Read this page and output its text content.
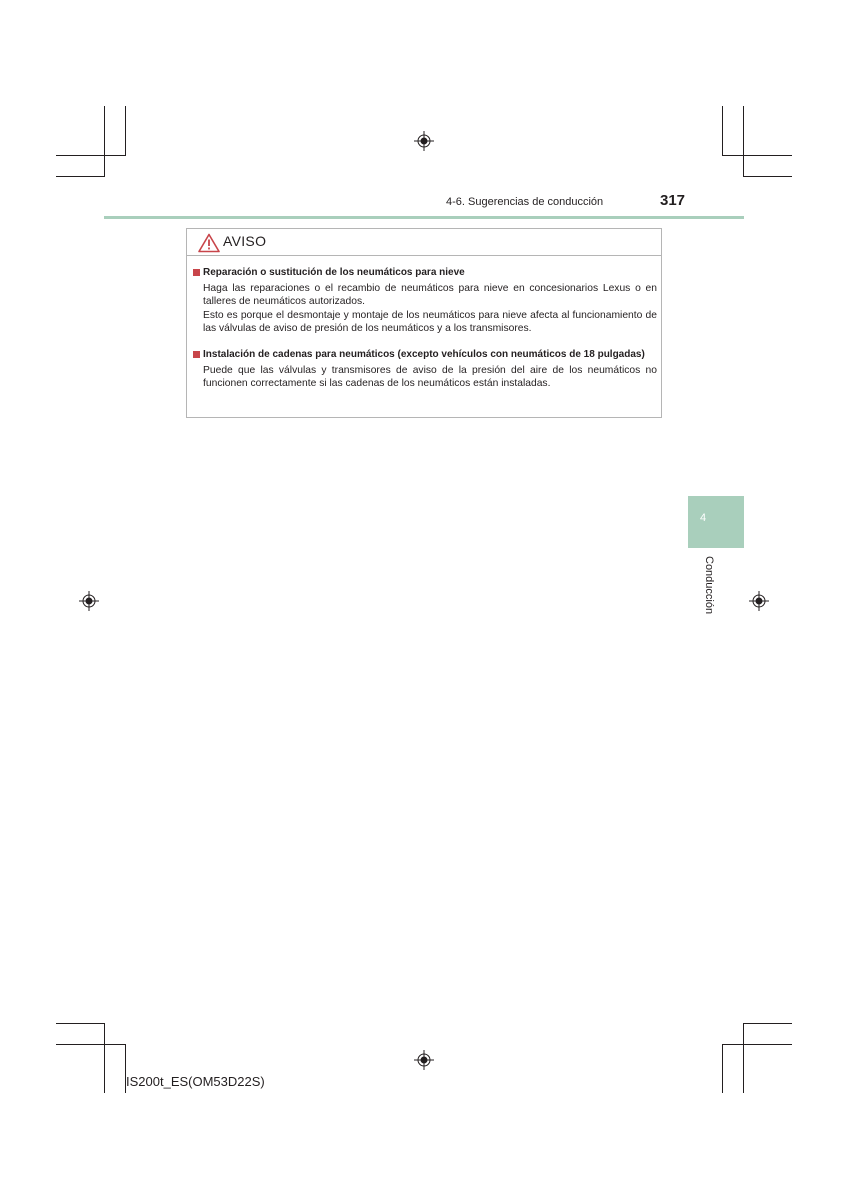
4-6. Sugerencias de conducción	317
AVISO
Reparación o sustitución de los neumáticos para nieve

Haga las reparaciones o el recambio de neumáticos para nieve en concesionarios Lexus o en talleres de neumáticos autorizados.

Esto es porque el desmontaje y montaje de los neumáticos para nieve afecta al funcionamiento de las válvulas de aviso de presión de los neumáticos y a los transmisores.

Instalación de cadenas para neumáticos (excepto vehículos con neumáticos de 18 pulgadas)

Puede que las válvulas y transmisores de aviso de la presión del aire de los neumáticos no funcionen correctamente si las cadenas de los neumáticos están instaladas.

4
Conducción
IS200t_ES(OM53D22S)
